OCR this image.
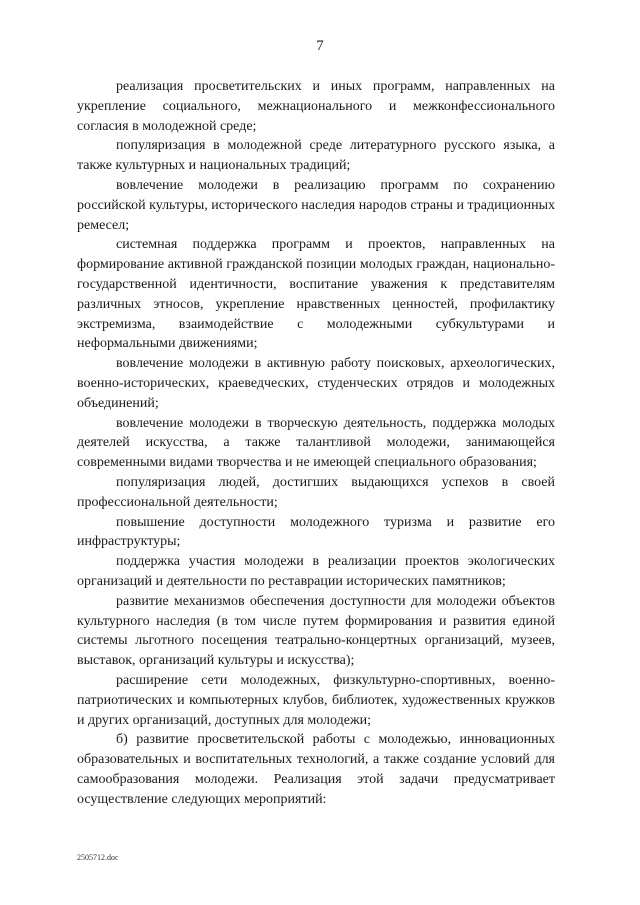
7

реализация просветительских и иных программ, направленных на укрепление социального, межнационального и межконфессионального согласия в молодежной среде;

популяризация в молодежной среде литературного русского языка, а также культурных и национальных традиций;

вовлечение молодежи в реализацию программ по сохранению российской культуры, исторического наследия народов страны и традиционных ремесел;

системная поддержка программ и проектов, направленных на формирование активной гражданской позиции молодых граждан, национально-государственной идентичности, воспитание уважения к представителям различных этносов, укрепление нравственных ценностей, профилактику экстремизма, взаимодействие с молодежными субкультурами и неформальными движениями;

вовлечение молодежи в активную работу поисковых, археологических, военно-исторических, краеведческих, студенческих отрядов и молодежных объединений;

вовлечение молодежи в творческую деятельность, поддержка молодых деятелей искусства, а также талантливой молодежи, занимающейся современными видами творчества и не имеющей специального образования;

популяризация людей, достигших выдающихся успехов в своей профессиональной деятельности;

повышение доступности молодежного туризма и развитие его инфраструктуры;

поддержка участия молодежи в реализации проектов экологических организаций и деятельности по реставрации исторических памятников;

развитие механизмов обеспечения доступности для молодежи объектов культурного наследия (в том числе путем формирования и развития единой системы льготного посещения театрально-концертных организаций, музеев, выставок, организаций культуры и искусства);

расширение сети молодежных, физкультурно-спортивных, военно-патриотических и компьютерных клубов, библиотек, художественных кружков и других организаций, доступных для молодежи;

б) развитие просветительской работы с молодежью, инновационных образовательных и воспитательных технологий, а также создание условий для самообразования молодежи. Реализация этой задачи предусматривает осуществление следующих мероприятий:

2505712.doc
